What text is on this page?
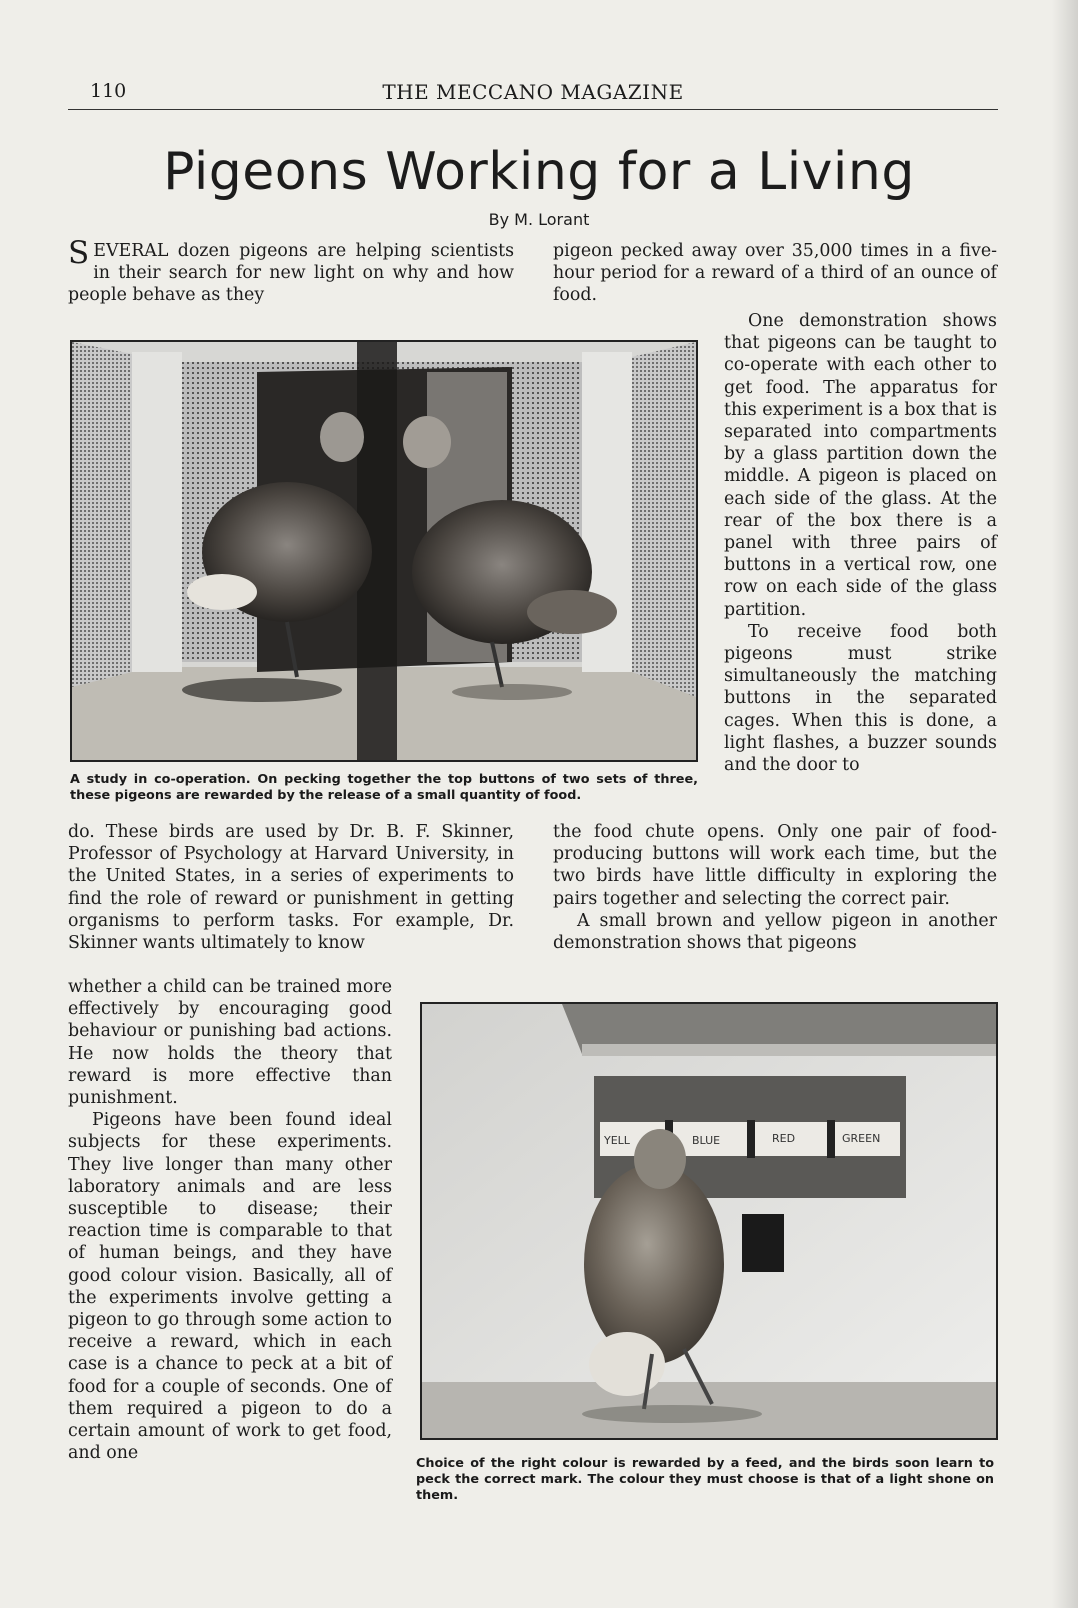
110	THE MECCANO MAGAZINE
Pigeons Working for a Living
By M. Lorant

SEVERAL dozen pigeons are helping scientists in their search for new light on why and how people behave as they

pigeon pecked away over 35,000 times in a five-hour period for a reward of a third of an ounce of food.

One demonstration shows that pigeons can be taught to co-operate with each other to get food. The apparatus for this experiment is a box that is separated into compartments by a glass partition down the middle. A pigeon is placed on each side of the glass. At the rear of the box there is a panel with three pairs of buttons in a vertical row, one row on each side of the glass partition.

To receive food both pigeons must strike simultaneously the matching buttons in the separated cages. When this is done, a light flashes, a buzzer sounds and the door to

A study in co-operation. On pecking together the top buttons of two sets of three, these pigeons are rewarded by the release of a small quantity of food.

do. These birds are used by Dr. B. F. Skinner, Professor of Psychology at Harvard University, in the United States, in a series of experiments to find the role of reward or punishment in getting organisms to perform tasks. For example, Dr. Skinner wants ultimately to know

the food chute opens. Only one pair of food-producing buttons will work each time, but the two birds have little difficulty in exploring the pairs together and selecting the correct pair.

A small brown and yellow pigeon in another demonstration shows that pigeons

whether a child can be trained more effectively by encouraging good behaviour or punishing bad actions. He now holds the theory that reward is more effective than punishment.

Pigeons have been found ideal subjects for these experiments. They live longer than many other laboratory animals and are less susceptible to disease; their reaction time is comparable to that of human beings, and they have good colour vision. Basically, all of the experiments involve getting a pigeon to go through some action to receive a reward, which in each case is a chance to peck at a bit of food for a couple of seconds. One of them required a pigeon to do a certain amount of work to get food, and one

YELL	BLUE	RED	GREEN
Choice of the right colour is rewarded by a feed, and the birds soon learn to peck the correct mark. The colour they must choose is that of a light shone on them.
